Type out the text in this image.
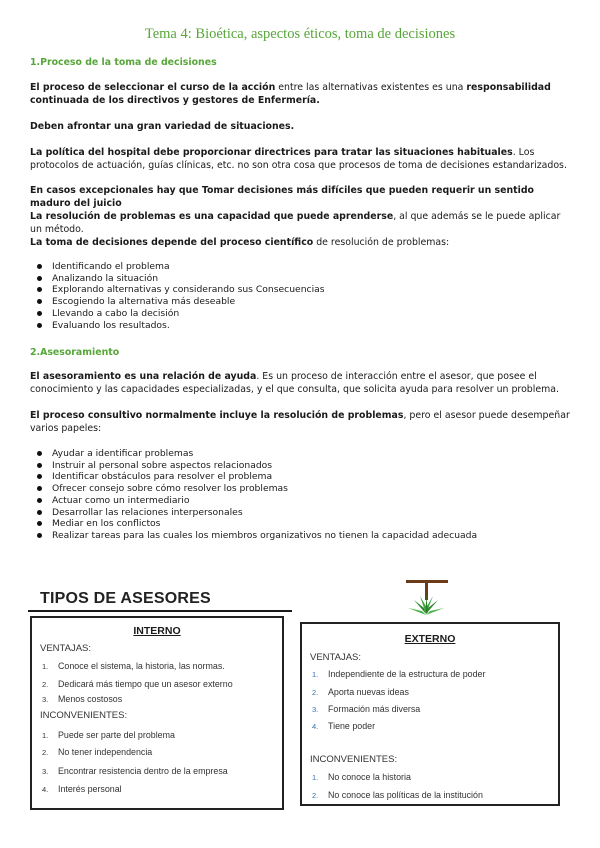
Tema 4: Bioética, aspectos éticos, toma de decisiones
1.Proceso de la toma de decisiones
El proceso de seleccionar el curso de la acción entre las alternativas existentes es una responsabilidad continuada de los directivos y gestores de Enfermería.
Deben afrontar una gran variedad de situaciones.
La política del hospital debe proporcionar directrices para tratar las situaciones habituales. Los protocolos de actuación, guías clínicas, etc. no son otra cosa que procesos de toma de decisiones estandarizados.
En casos excepcionales hay que Tomar decisiones más difíciles que pueden requerir un sentido maduro del juicio
La resolución de problemas es una capacidad que puede aprenderse, al que además se le puede aplicar un método.
La toma de decisiones depende del proceso científico de resolución de problemas:
Identificando el problema
Analizando la situación
Explorando alternativas y considerando sus Consecuencias
Escogiendo la alternativa más deseable
Llevando a cabo la decisión
Evaluando los resultados.
2.Asesoramiento
El asesoramiento es una relación de ayuda. Es un proceso de interacción entre el asesor, que posee el conocimiento y las capacidades especializadas, y el que consulta, que solicita ayuda para resolver un problema.
El proceso consultivo normalmente incluye la resolución de problemas, pero el asesor puede desempeñar varios papeles:
Ayudar a identificar problemas
Instruir al personal sobre aspectos relacionados
Identificar obstáculos para resolver el problema
Ofrecer consejo sobre cómo resolver los problemas
Actuar como un intermediario
Desarrollar las relaciones interpersonales
Mediar en los conflictos
Realizar tareas para las cuales los miembros organizativos no tienen la capacidad adecuada
TIPOS DE ASESORES
INTERNO
VENTAJAS:
1. Conoce el sistema, la historia, las normas.
2. Dedicará más tiempo que un asesor externo
3. Menos costosos
INCONVENIENTES:
1. Puede ser parte del problema
2. No tener independencia
3. Encontrar resistencia dentro de la empresa
4. Interés personal
EXTERNO
VENTAJAS:
1. Independiente de la estructura de poder
2. Aporta nuevas ideas
3. Formación más diversa
4. Tiene poder
INCONVENIENTES:
1. No conoce la historia
2. No conoce las políticas de la institución
